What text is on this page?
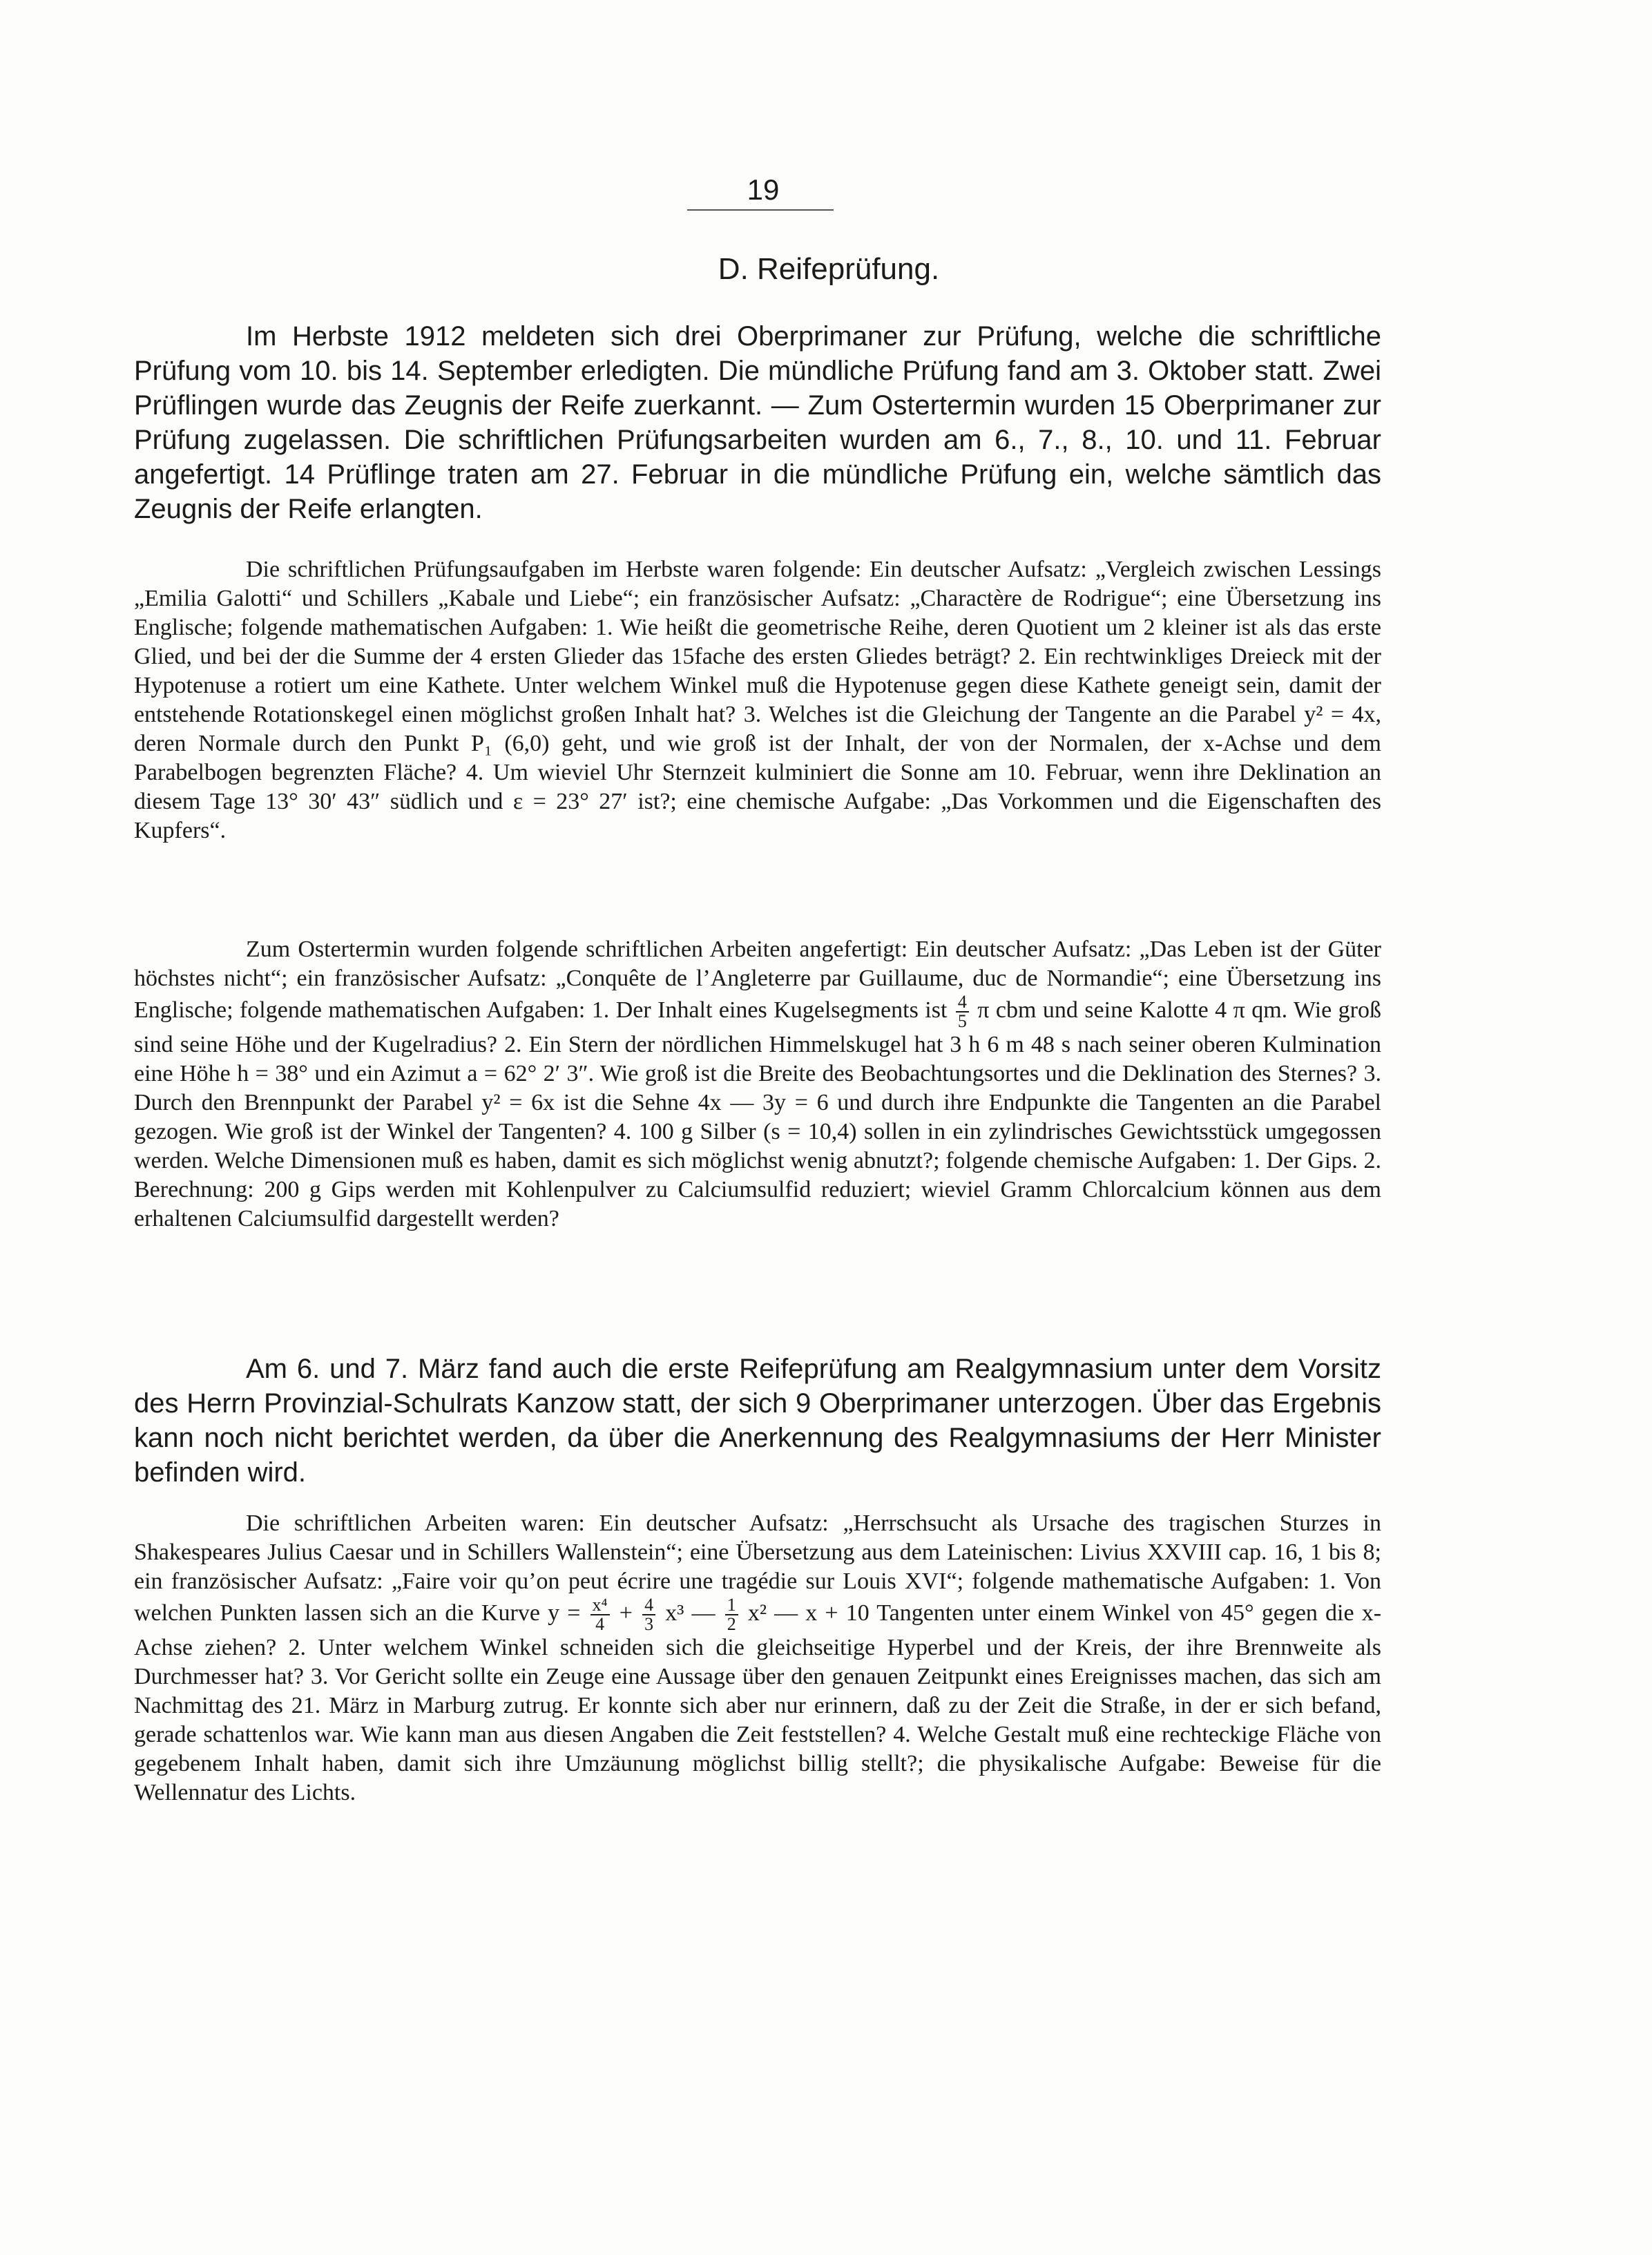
19
D. Reifeprüfung.

Im Herbste 1912 meldeten sich drei Oberprimaner zur Prüfung, welche die schriftliche Prüfung vom 10. bis 14. September erledigten. Die mündliche Prüfung fand am 3. Oktober statt. Zwei Prüflingen wurde das Zeugnis der Reife zuerkannt. — Zum Ostertermin wurden 15 Oberprimaner zur Prüfung zugelassen. Die schriftlichen Prüfungsarbeiten wurden am 6., 7., 8., 10. und 11. Februar angefertigt. 14 Prüflinge traten am 27. Februar in die mündliche Prüfung ein, welche sämtlich das Zeugnis der Reife erlangten.

Die schriftlichen Prüfungsaufgaben im Herbste waren folgende: Ein deutscher Aufsatz: „Vergleich zwischen Lessings „Emilia Galotti“ und Schillers „Kabale und Liebe“; ein französischer Aufsatz: „Charactère de Rodrigue“; eine Übersetzung ins Englische; folgende mathematischen Aufgaben: 1. Wie heißt die geometrische Reihe, deren Quotient um 2 kleiner ist als das erste Glied, und bei der die Summe der 4 ersten Glieder das 15fache des ersten Gliedes beträgt? 2. Ein rechtwinkliges Dreieck mit der Hypotenuse a rotiert um eine Kathete. Unter welchem Winkel muß die Hypotenuse gegen diese Kathete geneigt sein, damit der entstehende Rotationskegel einen möglichst großen Inhalt hat? 3. Welches ist die Gleichung der Tangente an die Parabel y² = 4x, deren Normale durch den Punkt P₁ (6,0) geht, und wie groß ist der Inhalt, der von der Normalen, der x-Achse und dem Parabelbogen begrenzten Fläche? 4. Um wieviel Uhr Sternzeit kulminiert die Sonne am 10. Februar, wenn ihre Deklination an diesem Tage 13° 30′ 43″ südlich und ε = 23° 27′ ist?; eine chemische Aufgabe: „Das Vorkommen und die Eigenschaften des Kupfers“.

Zum Ostertermin wurden folgende schriftlichen Arbeiten angefertigt: Ein deutscher Aufsatz: „Das Leben ist der Güter höchstes nicht“; ein französischer Aufsatz: „Conquête de l’Angleterre par Guillaume, duc de Normandie“; eine Übersetzung ins Englische; folgende mathematischen Aufgaben: 1. Der Inhalt eines Kugelsegments ist $\frac{4}{5}$ π cbm und seine Kalotte 4 π qm. Wie groß sind seine Höhe und der Kugelradius? 2. Ein Stern der nördlichen Himmelskugel hat 3 h 6 m 48 s nach seiner oberen Kulmination eine Höhe h = 38° und ein Azimut a = 62° 2′ 3″. Wie groß ist die Breite des Beobachtungsortes und die Deklination des Sternes? 3. Durch den Brennpunkt der Parabel y² = 6x ist die Sehne 4x — 3y = 6 und durch ihre Endpunkte die Tangenten an die Parabel gezogen. Wie groß ist der Winkel der Tangenten? 4. 100 g Silber (s = 10,4) sollen in ein zylindrisches Gewichtsstück umgegossen werden. Welche Dimensionen muß es haben, damit es sich möglichst wenig abnutzt?; folgende chemische Aufgaben: 1. Der Gips. 2. Berechnung: 200 g Gips werden mit Kohlenpulver zu Calciumsulfid reduziert; wieviel Gramm Chlorcalcium können aus dem erhaltenen Calciumsulfid dargestellt werden?

Am 6. und 7. März fand auch die erste Reifeprüfung am Realgymnasium unter dem Vorsitz des Herrn Provinzial-Schulrats Kanzow statt, der sich 9 Oberprimaner unterzogen. Über das Ergebnis kann noch nicht berichtet werden, da über die Anerkennung des Realgymnasiums der Herr Minister befinden wird.

Die schriftlichen Arbeiten waren: Ein deutscher Aufsatz: „Herrschsucht als Ursache des tragischen Sturzes in Shakespeares Julius Caesar und in Schillers Wallenstein“; eine Übersetzung aus dem Lateinischen: Livius XXVIII cap. 16, 1 bis 8; ein französischer Aufsatz: „Faire voir qu’on peut écrire une tragédie sur Louis XVI“; folgende mathematische Aufgaben: 1. Von welchen Punkten lassen sich an die Kurve $y = \frac{\text{x⁴}}{4} + \frac{4}{3} x^3$ — $\frac{1}{2} x^2$ — x + 10 Tangenten unter einem Winkel von 45° gegen die x-Achse ziehen? 2. Unter welchem Winkel schneiden sich die gleichseitige Hyperbel und der Kreis, der ihre Brennweite als Durchmesser hat? 3. Vor Gericht sollte ein Zeuge eine Aussage über den genauen Zeitpunkt eines Ereignisses machen, das sich am Nachmittag des 21. März in Marburg zutrug. Er konnte sich aber nur erinnern, daß zu der Zeit die Straße, in der er sich befand, gerade schattenlos war. Wie kann man aus diesen Angaben die Zeit feststellen? 4. Welche Gestalt muß eine rechteckige Fläche von gegebenem Inhalt haben, damit sich ihre Umzäunung möglichst billig stellt?; die physikalische Aufgabe: Beweise für die Wellennatur des Lichts.
